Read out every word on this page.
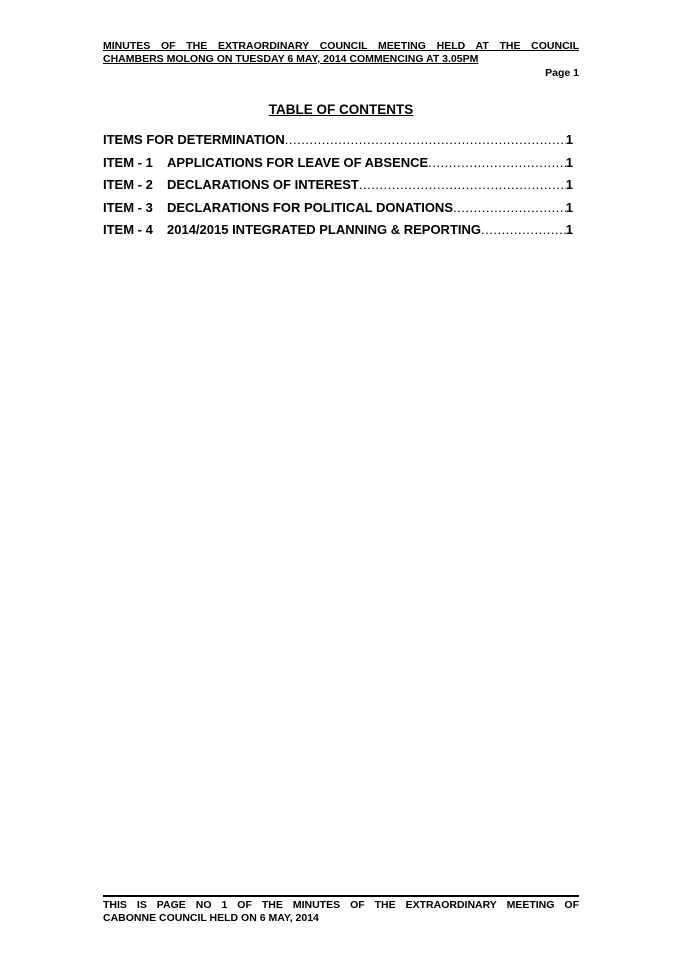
MINUTES OF THE EXTRAORDINARY COUNCIL MEETING HELD AT THE COUNCIL
CHAMBERS MOLONG ON TUESDAY 6 MAY, 2014 COMMENCING AT 3.05PM
Page 1
TABLE OF CONTENTS
ITEMS FOR DETERMINATION .....	1
ITEM - 1	APPLICATIONS FOR LEAVE OF ABSENCE .....	1
ITEM - 2	DECLARATIONS OF INTEREST .....	1
ITEM - 3	DECLARATIONS FOR POLITICAL DONATIONS .....	1
ITEM - 4	2014/2015 INTEGRATED PLANNING & REPORTING .....	1
THIS IS PAGE NO 1 OF THE MINUTES OF THE EXTRAORDINARY MEETING OF
CABONNE COUNCIL HELD ON 6 MAY, 2014
